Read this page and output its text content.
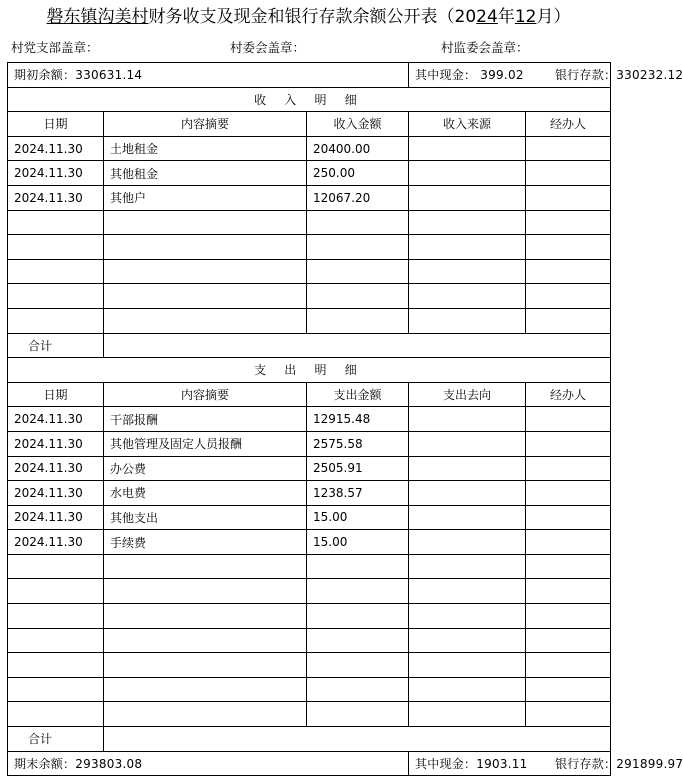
磐东镇沟美村财务收支及现金和银行存款余额公开表（2024年12月）
村党支部盖章：	村委会盖章：	村监委会盖章：
期初余额：330631.14			其中现金： 399.02 银行存款：330232.12	
收 入 明 细				
日期	内容摘要	收入金额	收入来源	经办人
2024.11.30	土地租金	20400.00		
2024.11.30	其他租金	250.00		
2024.11.30	其他户	12067.20		

合计				
支 出 明 细				
日期	内容摘要	支出金额	支出去向	经办人
2024.11.30	干部报酬	12915.48		
2024.11.30	其他管理及固定人员报酬	2575.58		
2024.11.30	办公费	2505.91		
2024.11.30	水电费	1238.57		
2024.11.30	其他支出	15.00		
2024.11.30	手续费	15.00		

合计				
期末余额：293803.08			其中现金：1903.11 银行存款：291899.97	
